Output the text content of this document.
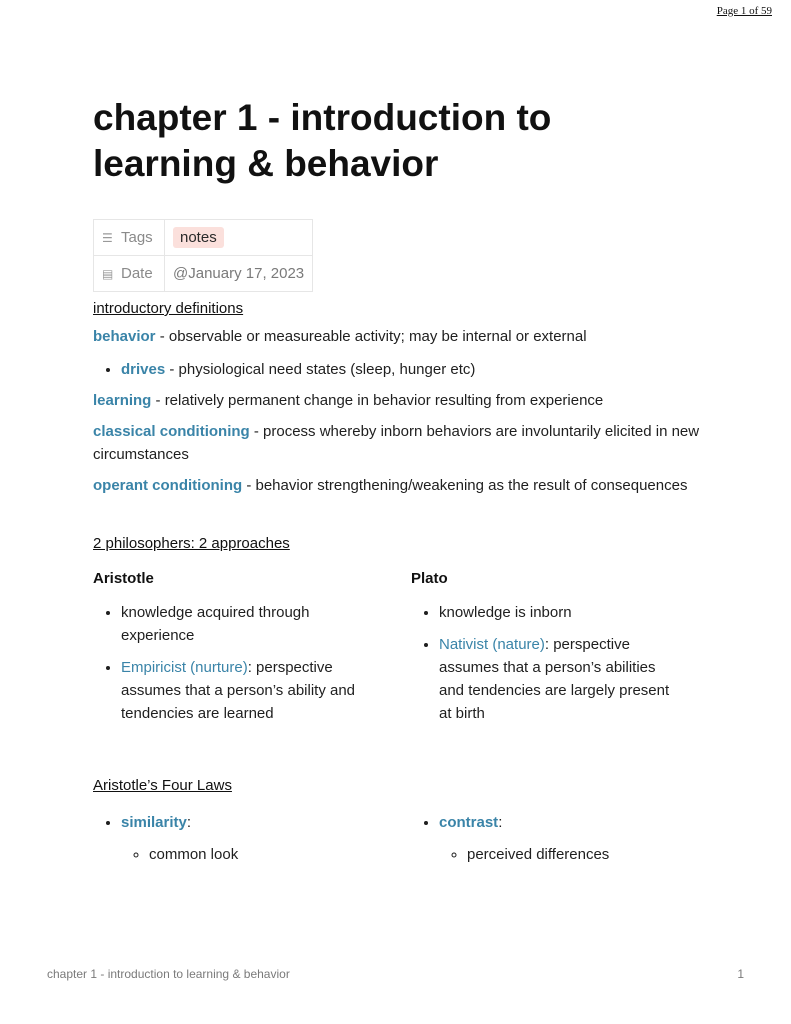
Page 1 of 59
chapter 1 - introduction to
learning & behavior
☰ Tags	notes
▤ Date	@January 17, 2023
introductory definitions

behavior - observable or measureable activity; may be internal or external

• drives - physiological need states (sleep, hunger etc)

learning - relatively permanent change in behavior resulting from experience

classical conditioning - process whereby inborn behaviors are involuntarily elicited in new circumstances

operant conditioning - behavior strengthening/weakening as the result of consequences

2 philosophers: 2 approaches
Aristotle
• knowledge acquired through experience
• Empiricist (nurture): perspective assumes that a person’s ability and tendencies are learned
Plato
• knowledge is inborn
• Nativist (nature): perspective assumes that a person’s abilities and tendencies are largely present at birth
Aristotle’s Four Laws
• similarity:
◦ common look
• contrast:
◦ perceived differences
chapter 1 - introduction to learning & behavior	1
